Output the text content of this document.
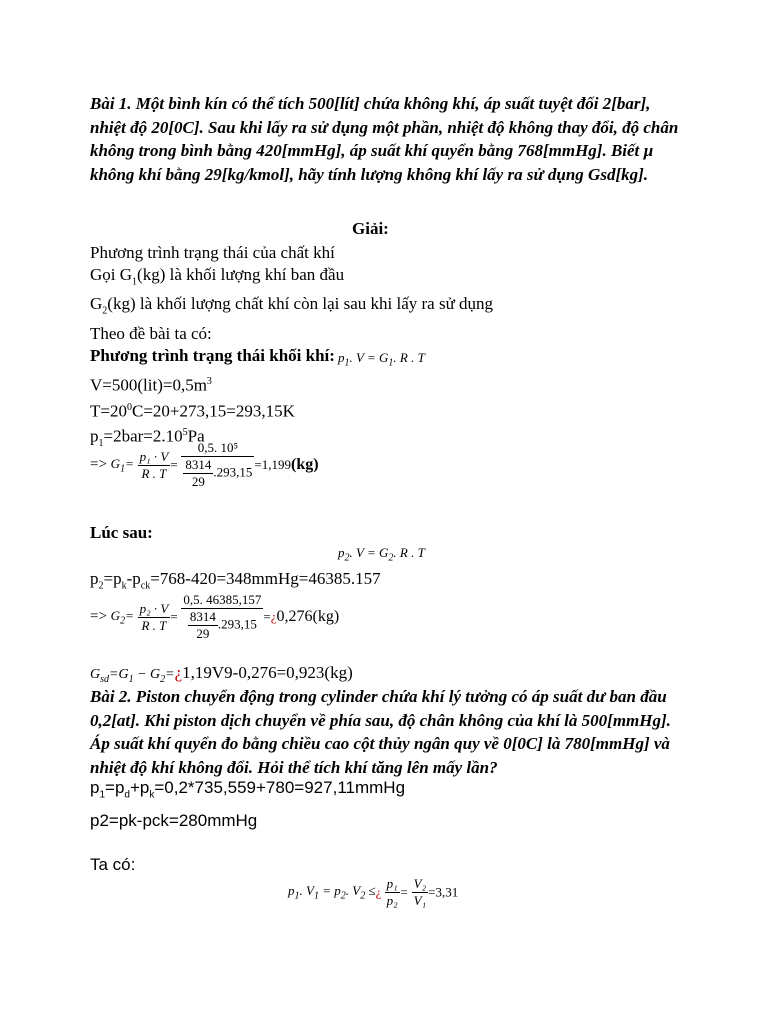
Bài 1. Một bình kín có thể tích 500[lít] chứa không khí, áp suất tuyệt đối 2[bar], nhiệt độ 20[0C]. Sau khi lấy ra sử dụng một phần, nhiệt độ không thay đổi, độ chân không trong bình bằng 420[mmHg], áp suất khí quyển bằng 768[mmHg]. Biết µ không khí bằng 29[kg/kmol], hãy tính lượng không khí lấy ra sử dụng Gsd[kg].

Giải:

Phương trình trạng thái của chất khí

Gọi $G_1(kg)$ là khối lượng khí ban đầu

$G_2(kg)$ là khối lượng chất khí còn lại sau khi lấy ra sử dụng

Theo đề bài ta có:

Phương trình trạng thái khối khí: $p_1$. $V = G_1$. R . T

$V=500(lit)=0,5m^3$

$T=20^0C=20+273,15=293,15K$

$p_1=2bar=2.10^5Pa$

=> $G_1= \frac{\text{p₁ · V}}{R . T} = \frac{\text{0,5. 10⁵}}{\frac{8314}{29} .293,15} =1,199(kg)$
Lúc sau:
$p_2$. $V = G_2$. R . T

$p_2=p_k-p_{ck}=768-420=348mmHg=46385.157$

=> $G_2= \frac{\text{p₂ · V}}{R . T} = \frac{0,5. 46385,157}{\frac{8314}{29} .293,15}$ =¿0,276(kg)

$G_{sd}=G_1$ − $G_2=¿1,19V9-0,276=0,923(kg)$

Bài 2. Piston chuyển động trong cylinder chứa khí lý tưởng có áp suất dư ban đầu 0,2[at]. Khi piston dịch chuyển về phía sau, độ chân không của khí là 500[mmHg]. Áp suất khí quyển đo bằng chiều cao cột thủy ngân quy về 0[0C] là 780[mmHg] và nhiệt độ khí không đổi. Hỏi thể tích khí tăng lên mấy lần?

$p_1=p_d+p_k=0,2*735,559+780=927,11mmHg$

p2=pk-pck=280mmHg

Ta có:

$p_1$. $V_1 = p_2$. $V_2$ ≤¿ $\frac{\text{p₁}}{\text{p₂}} = \frac{\text{V₂}}{\text{V₁}} =3,31$
